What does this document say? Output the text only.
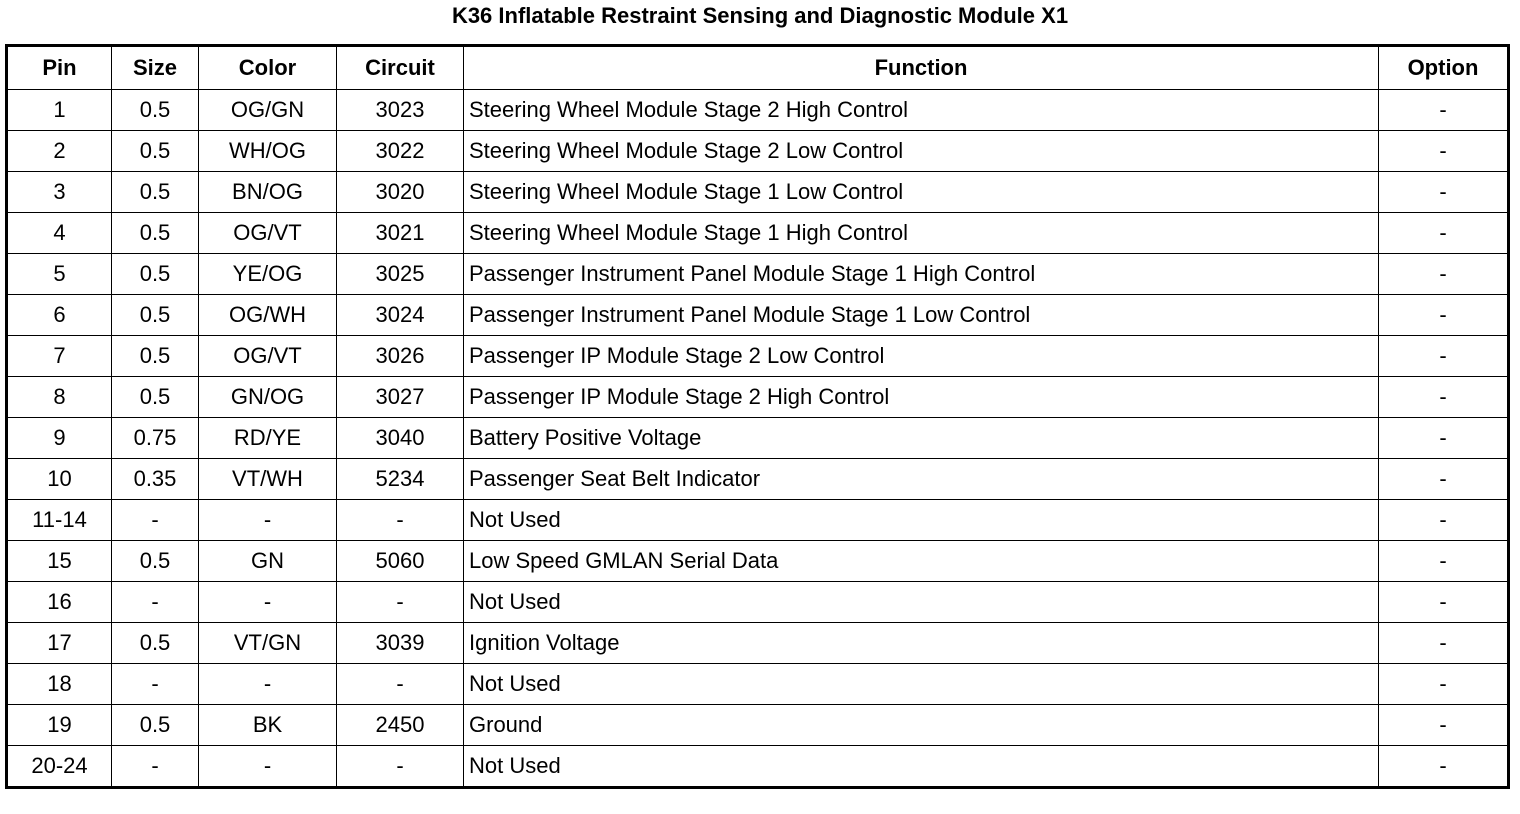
K36 Inflatable Restraint Sensing and Diagnostic Module X1
Pin	Size	Color	Circuit	Function	Option
1	0.5	OG/GN	3023	Steering Wheel Module Stage 2 High Control	-
2	0.5	WH/OG	3022	Steering Wheel Module Stage 2 Low Control	-
3	0.5	BN/OG	3020	Steering Wheel Module Stage 1 Low Control	-
4	0.5	OG/VT	3021	Steering Wheel Module Stage 1 High Control	-
5	0.5	YE/OG	3025	Passenger Instrument Panel Module Stage 1 High Control	-
6	0.5	OG/WH	3024	Passenger Instrument Panel Module Stage 1 Low Control	-
7	0.5	OG/VT	3026	Passenger IP Module Stage 2 Low Control	-
8	0.5	GN/OG	3027	Passenger IP Module Stage 2 High Control	-
9	0.75	RD/YE	3040	Battery Positive Voltage	-
10	0.35	VT/WH	5234	Passenger Seat Belt Indicator	-
11-14	-	-	-	Not Used	-
15	0.5	GN	5060	Low Speed GMLAN Serial Data	-
16	-	-	-	Not Used	-
17	0.5	VT/GN	3039	Ignition Voltage	-
18	-	-	-	Not Used	-
19	0.5	BK	2450	Ground	-
20-24	-	-	-	Not Used	-
